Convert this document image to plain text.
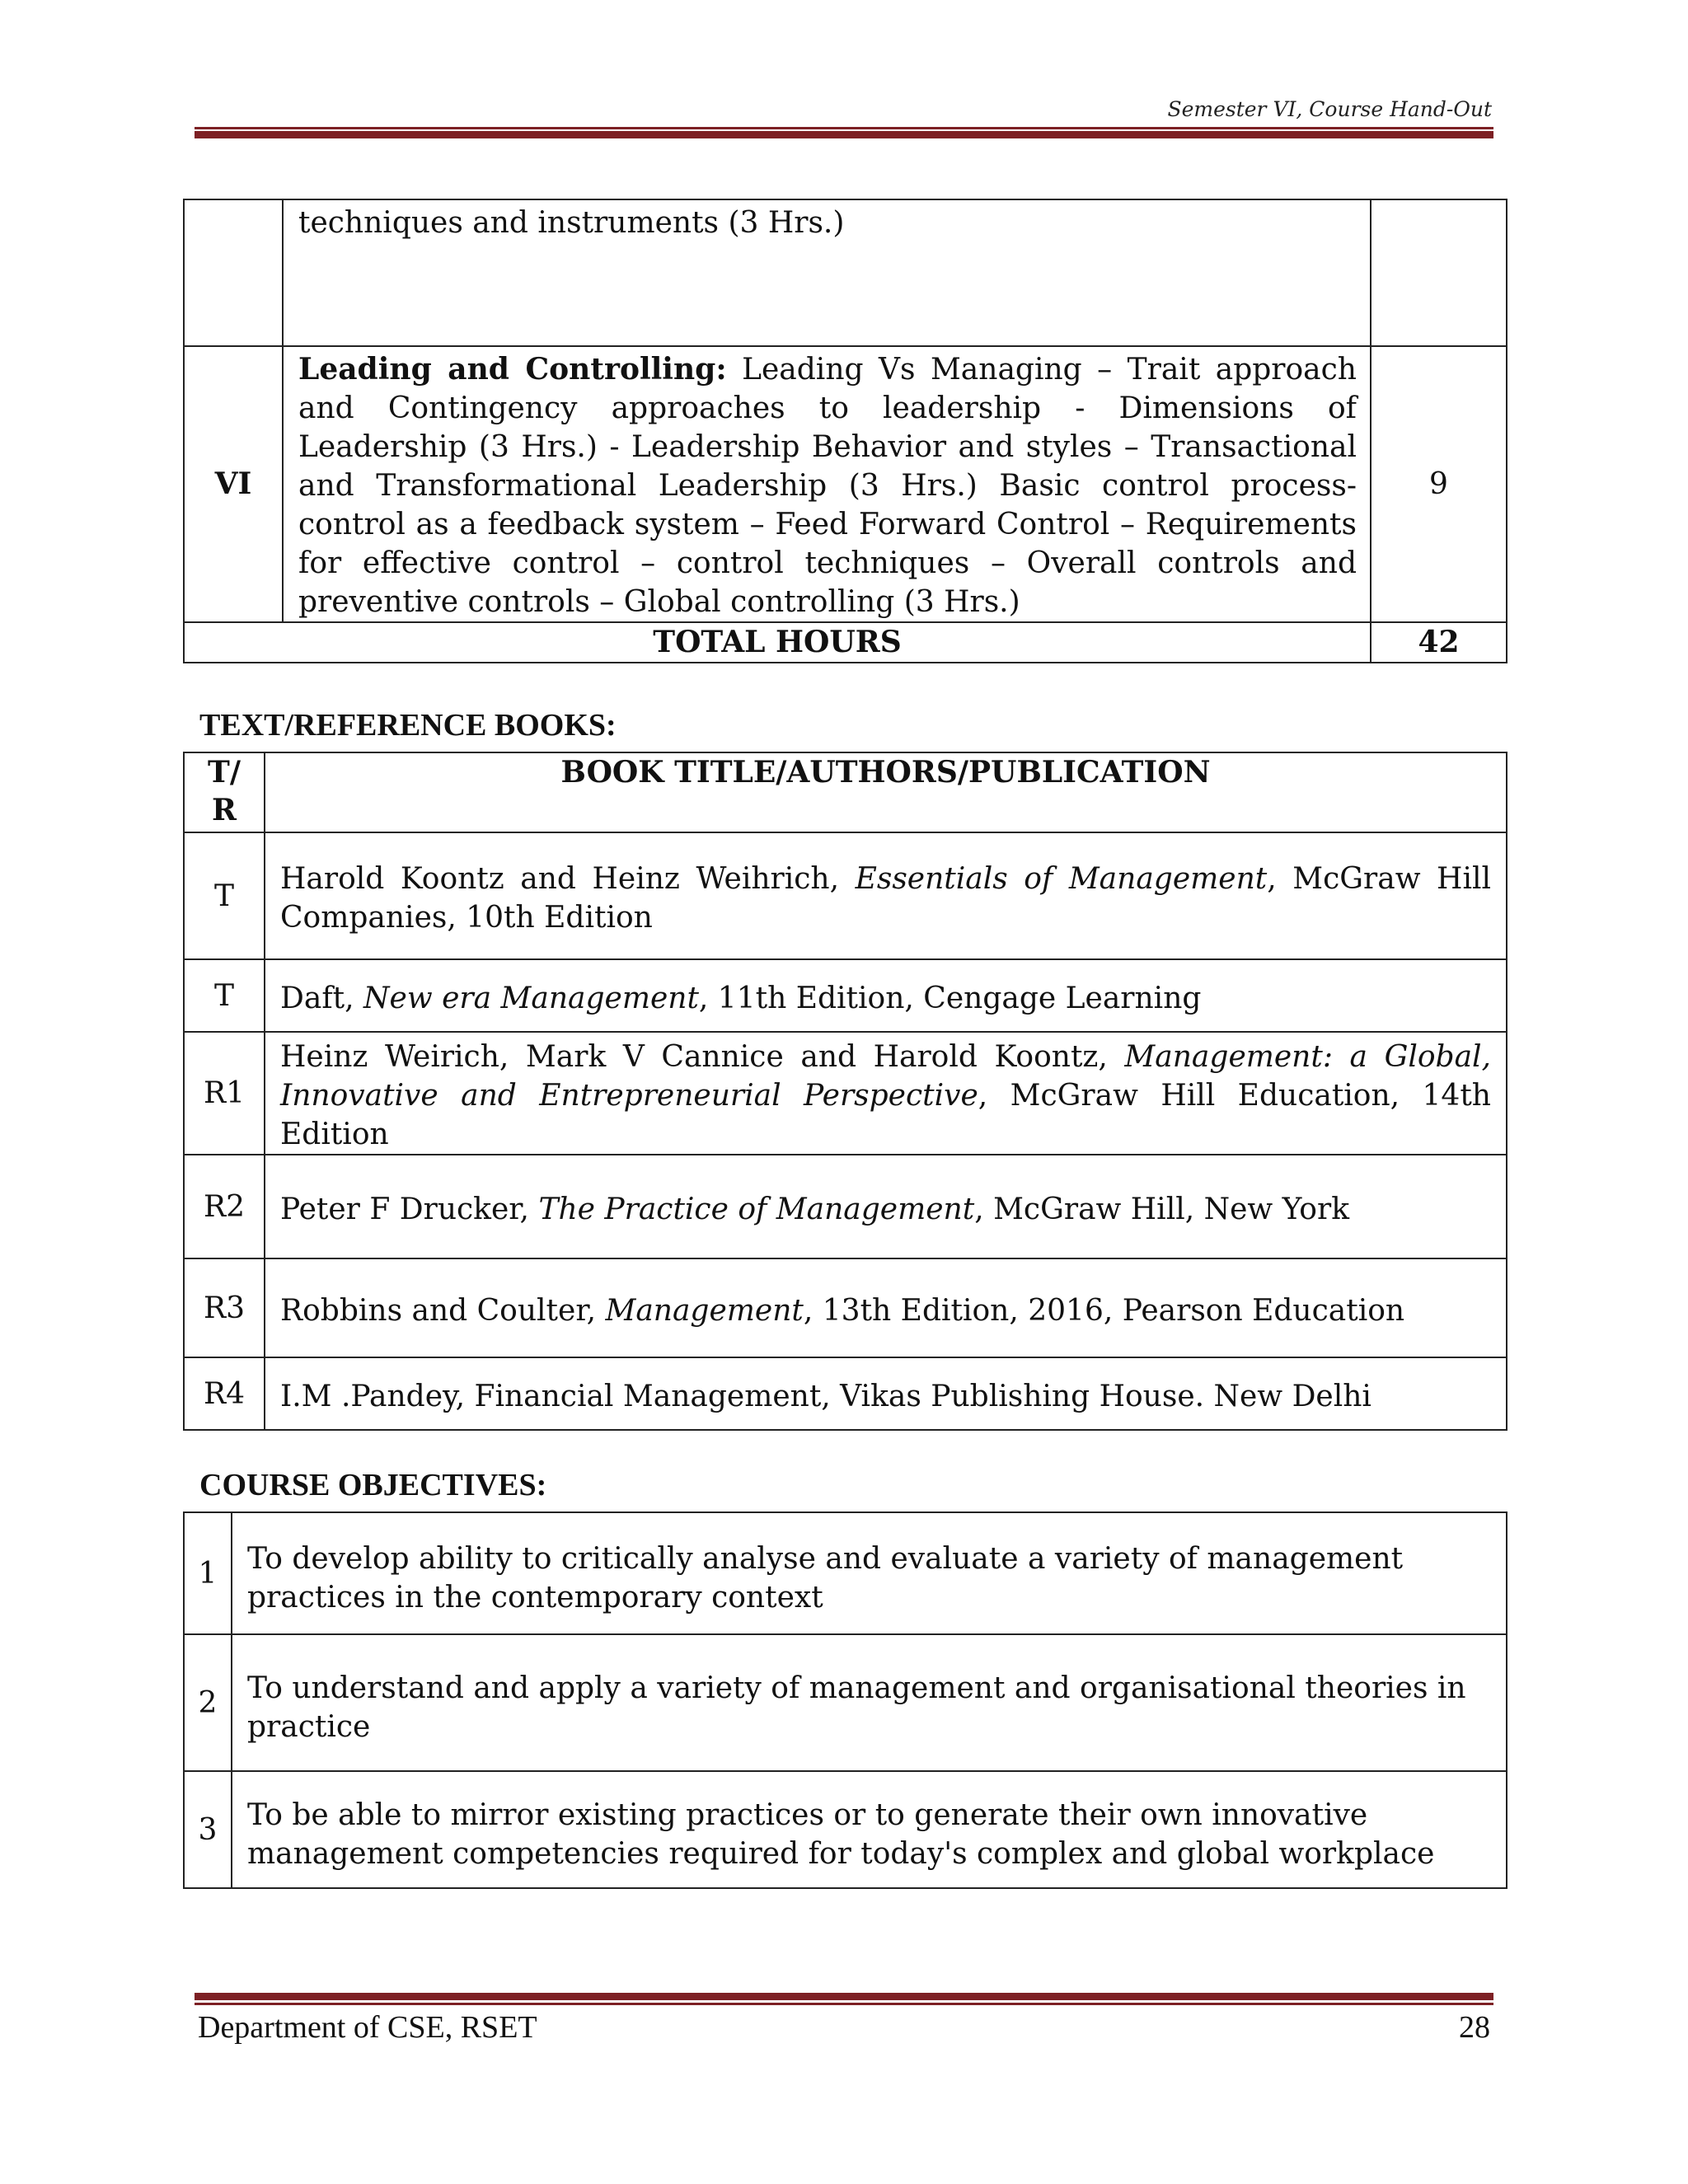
Semester VI, Course Hand-Out
	techniques and instruments (3 Hrs.)	
VI	Leading and Controlling: Leading Vs Managing – Trait approach and Contingency approaches to leadership - Dimensions of Leadership (3 Hrs.) - Leadership Behavior and styles – Transactional and Transformational Leadership (3 Hrs.) Basic control process- control as a feedback system – Feed Forward Control – Requirements for effective control – control techniques – Overall controls and preventive controls – Global controlling (3 Hrs.)	9
TOTAL HOURS		42
TEXT/REFERENCE BOOKS:
T/
R	BOOK TITLE/AUTHORS/PUBLICATION
T	Harold Koontz and Heinz Weihrich, Essentials of Management, McGraw Hill Companies, 10th Edition
T	Daft, New era Management, 11th Edition, Cengage Learning
R1	Heinz Weirich, Mark V Cannice and Harold Koontz, Management: a Global, Innovative and Entrepreneurial Perspective, McGraw Hill Education, 14th Edition
R2	Peter F Drucker, The Practice of Management, McGraw Hill, New York
R3	Robbins and Coulter, Management, 13th Edition, 2016, Pearson Education
R4	I.M .Pandey, Financial Management, Vikas Publishing House. New Delhi
COURSE OBJECTIVES:
1	To develop ability to critically analyse and evaluate a variety of management practices in the contemporary context
2	To understand and apply a variety of management and organisational theories in practice
3	To be able to mirror existing practices or to generate their own innovative management competencies required for today's complex and global workplace
Department of CSE, RSET	28
